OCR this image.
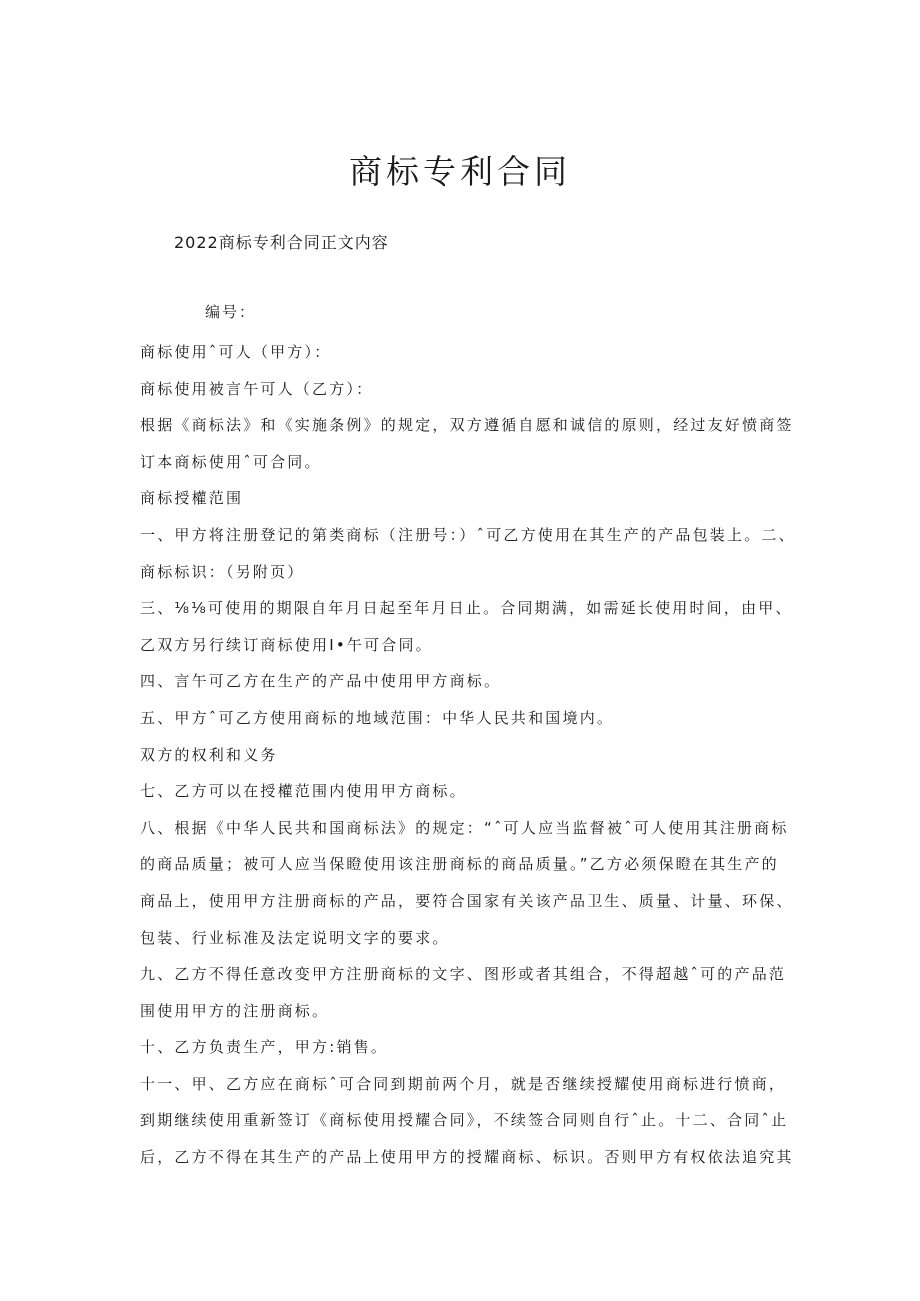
商标专利合同

2022商标专利合同正文内容

编号：

商标使用ˆ可人（甲方）：
商标使用被言午可人（乙方）：
根据《商标法》和《实施条例》的规定，双方遵循自愿和诚信的原则，经过友好愤商签
订本商标使用ˆ可合同。
商标授權范围
一、甲方将注册登记的第类商标（注册号：）ˆ可乙方使用在其生产的产品包装上。二、
商标标识：（另附页）
三、⅛⅛可使用的期限自年月日起至年月日止。合同期满，如需延长使用时间，由甲、
乙双方另行续订商标使用Ι•午可合同。
四、言午可乙方在生产的产品中使用甲方商标。
五、甲方ˆ可乙方使用商标的地域范围：中华人民共和国境内。
双方的权利和义务
七、乙方可以在授權范围内使用甲方商标。
八、根据《中华人民共和国商标法》的规定：“ˆ可人应当监督被ˆ可人使用其注册商标
的商品质量；被可人应当保瞪使用该注册商标的商品质量。”乙方必须保瞪在其生产的
商品上，使用甲方注册商标的产品，要符合国家有关该产品卫生、质量、计量、环保、
包装、行业标准及法定说明文字的要求。
九、乙方不得任意改变甲方注册商标的文字、图形或者其组合，不得超越ˆ可的产品范
围使用甲方的注册商标。
十、乙方负责生产，甲方:销售。
十一、甲、乙方应在商标ˆ可合同到期前两个月，就是否继续授耀使用商标进行愤商，
到期继续使用重新签订《商标使用授耀合同》，不续签合同则自行ˆ止。十二、合同ˆ止
后，乙方不得在其生产的产品上使用甲方的授耀商标、标识。否则甲方有权依法追究其
